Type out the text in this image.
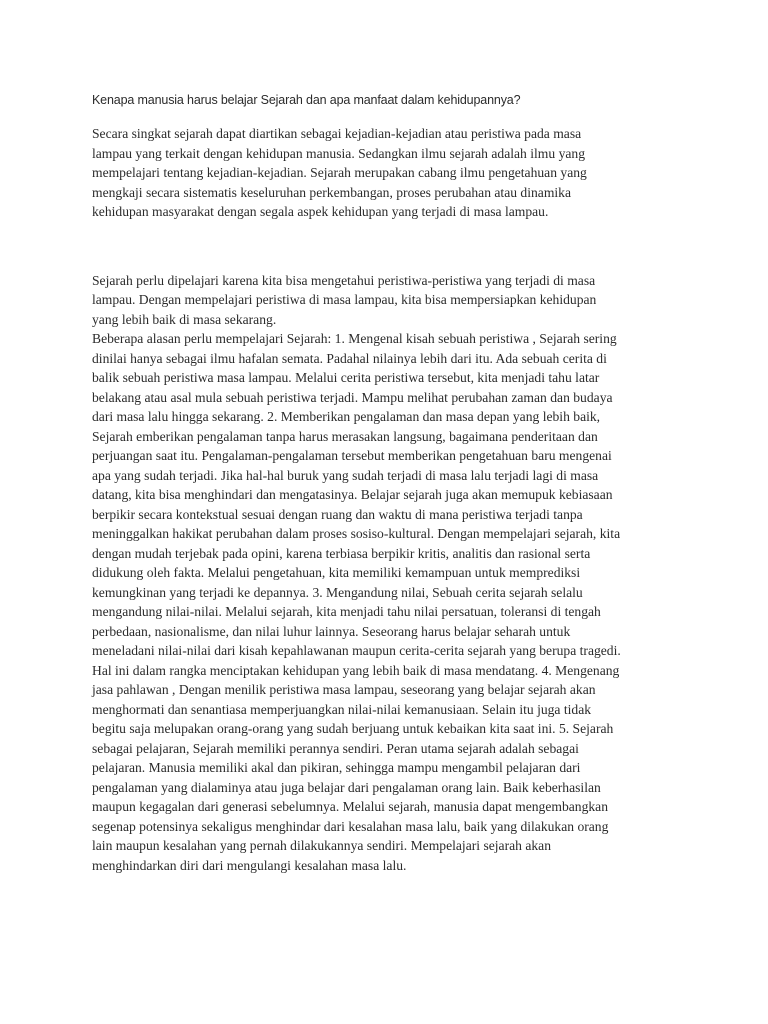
Kenapa manusia harus belajar Sejarah dan apa manfaat dalam kehidupannya?
Secara singkat sejarah dapat diartikan sebagai kejadian-kejadian atau peristiwa pada masa
lampau yang terkait dengan kehidupan manusia. Sedangkan ilmu sejarah adalah ilmu yang
mempelajari tentang kejadian-kejadian. Sejarah merupakan cabang ilmu pengetahuan yang
mengkaji secara sistematis keseluruhan perkembangan, proses perubahan atau dinamika
kehidupan masyarakat dengan segala aspek kehidupan yang terjadi di masa lampau.
Sejarah perlu dipelajari karena kita bisa mengetahui peristiwa-peristiwa yang terjadi di masa
lampau. Dengan mempelajari peristiwa di masa lampau, kita bisa mempersiapkan kehidupan
yang lebih baik di masa sekarang.
Beberapa alasan perlu mempelajari Sejarah: 1. Mengenal kisah sebuah peristiwa , Sejarah sering
dinilai hanya sebagai ilmu hafalan semata. Padahal nilainya lebih dari itu. Ada sebuah cerita di
balik sebuah peristiwa masa lampau. Melalui cerita peristiwa tersebut, kita menjadi tahu latar
belakang atau asal mula sebuah peristiwa terjadi. Mampu melihat perubahan zaman dan budaya
dari masa lalu hingga sekarang. 2. Memberikan pengalaman dan masa depan yang lebih baik,
Sejarah emberikan pengalaman tanpa harus merasakan langsung, bagaimana penderitaan dan
perjuangan saat itu. Pengalaman-pengalaman tersebut memberikan pengetahuan baru mengenai
apa yang sudah terjadi. Jika hal-hal buruk yang sudah terjadi di masa lalu terjadi lagi di masa
datang, kita bisa menghindari dan mengatasinya. Belajar sejarah juga akan memupuk kebiasaan
berpikir secara kontekstual sesuai dengan ruang dan waktu di mana peristiwa terjadi tanpa
meninggalkan hakikat perubahan dalam proses sosiso-kultural. Dengan mempelajari sejarah, kita
dengan mudah terjebak pada opini, karena terbiasa berpikir kritis, analitis dan rasional serta
didukung oleh fakta. Melalui pengetahuan, kita memiliki kemampuan untuk memprediksi
kemungkinan yang terjadi ke depannya. 3. Mengandung nilai, Sebuah cerita sejarah selalu
mengandung nilai-nilai. Melalui sejarah, kita menjadi tahu nilai persatuan, toleransi di tengah
perbedaan, nasionalisme, dan nilai luhur lainnya. Seseorang harus belajar seharah untuk
meneladani nilai-nilai dari kisah kepahlawanan maupun cerita-cerita sejarah yang berupa tragedi.
Hal ini dalam rangka menciptakan kehidupan yang lebih baik di masa mendatang. 4. Mengenang
jasa pahlawan , Dengan menilik peristiwa masa lampau, seseorang yang belajar sejarah akan
menghormati dan senantiasa memperjuangkan nilai-nilai kemanusiaan. Selain itu juga tidak
begitu saja melupakan orang-orang yang sudah berjuang untuk kebaikan kita saat ini. 5. Sejarah
sebagai pelajaran, Sejarah memiliki perannya sendiri. Peran utama sejarah adalah sebagai
pelajaran. Manusia memiliki akal dan pikiran, sehingga mampu mengambil pelajaran dari
pengalaman yang dialaminya atau juga belajar dari pengalaman orang lain. Baik keberhasilan
maupun kegagalan dari generasi sebelumnya. Melalui sejarah, manusia dapat mengembangkan
segenap potensinya sekaligus menghindar dari kesalahan masa lalu, baik yang dilakukan orang
lain maupun kesalahan yang pernah dilakukannya sendiri. Mempelajari sejarah akan
menghindarkan diri dari mengulangi kesalahan masa lalu.
